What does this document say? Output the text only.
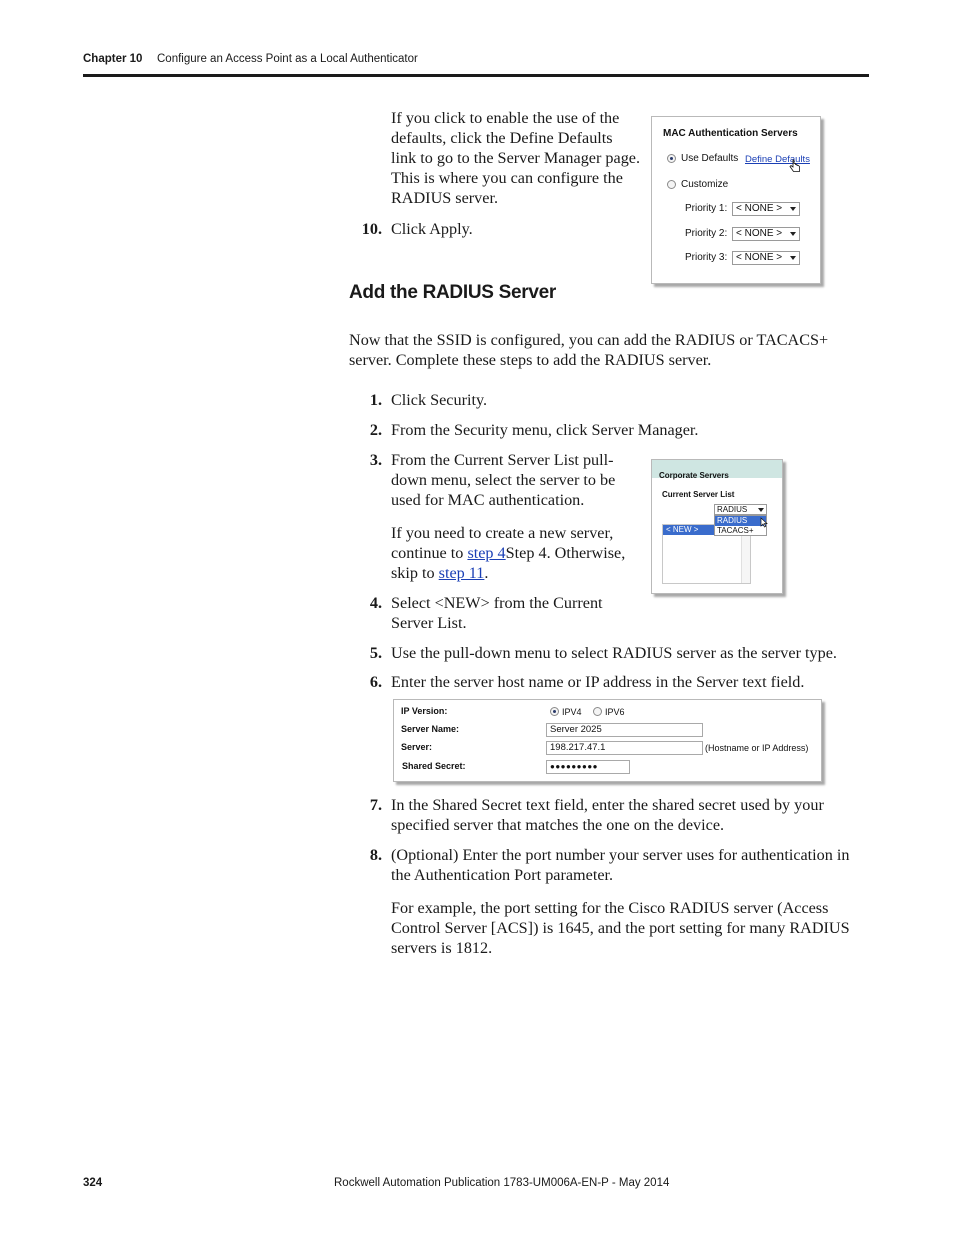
Chapter 10 Configure an Access Point as a Local Authenticator
If you click to enable the use of the
defaults, click the Define Defaults
link to go to the Server Manager page.
This is where you can configure the
RADIUS server.
10. Click Apply.
MAC Authentication Servers
Use Defaults Define Defaults
Customize
Priority 1: < NONE >
Priority 2: < NONE >
Priority 3: < NONE >
Add the RADIUS Server
Now that the SSID is configured, you can add the RADIUS or TACACS+
server. Complete these steps to add the RADIUS server.
1. Click Security.
2. From the Security menu, click Server Manager.
3. From the Current Server List pull-
down menu, select the server to be
used for MAC authentication.
If you need to create a new server,
continue to step 4Step 4. Otherwise,
skip to step 11.
4. Select <NEW> from the Current
Server List.
Corporate Servers
Current Server List
< NEW >
RADIUS
RADIUS
TACACS+
5. Use the pull-down menu to select RADIUS server as the server type.
6. Enter the server host name or IP address in the Server text field.
IP Version:	IPV4	IPV6
Server Name:	Server 2025
Server:	198.217.47.1	(Hostname or IP Address)
Shared Secret:	●●●●●●●●●
7. In the Shared Secret text field, enter the shared secret used by your
specified server that matches the one on the device.
8. (Optional) Enter the port number your server uses for authentication in
the Authentication Port parameter.
For example, the port setting for the Cisco RADIUS server (Access
Control Server [ACS]) is 1645, and the port setting for many RADIUS
servers is 1812.
324	Rockwell Automation Publication 1783-UM006A-EN-P - May 2014
